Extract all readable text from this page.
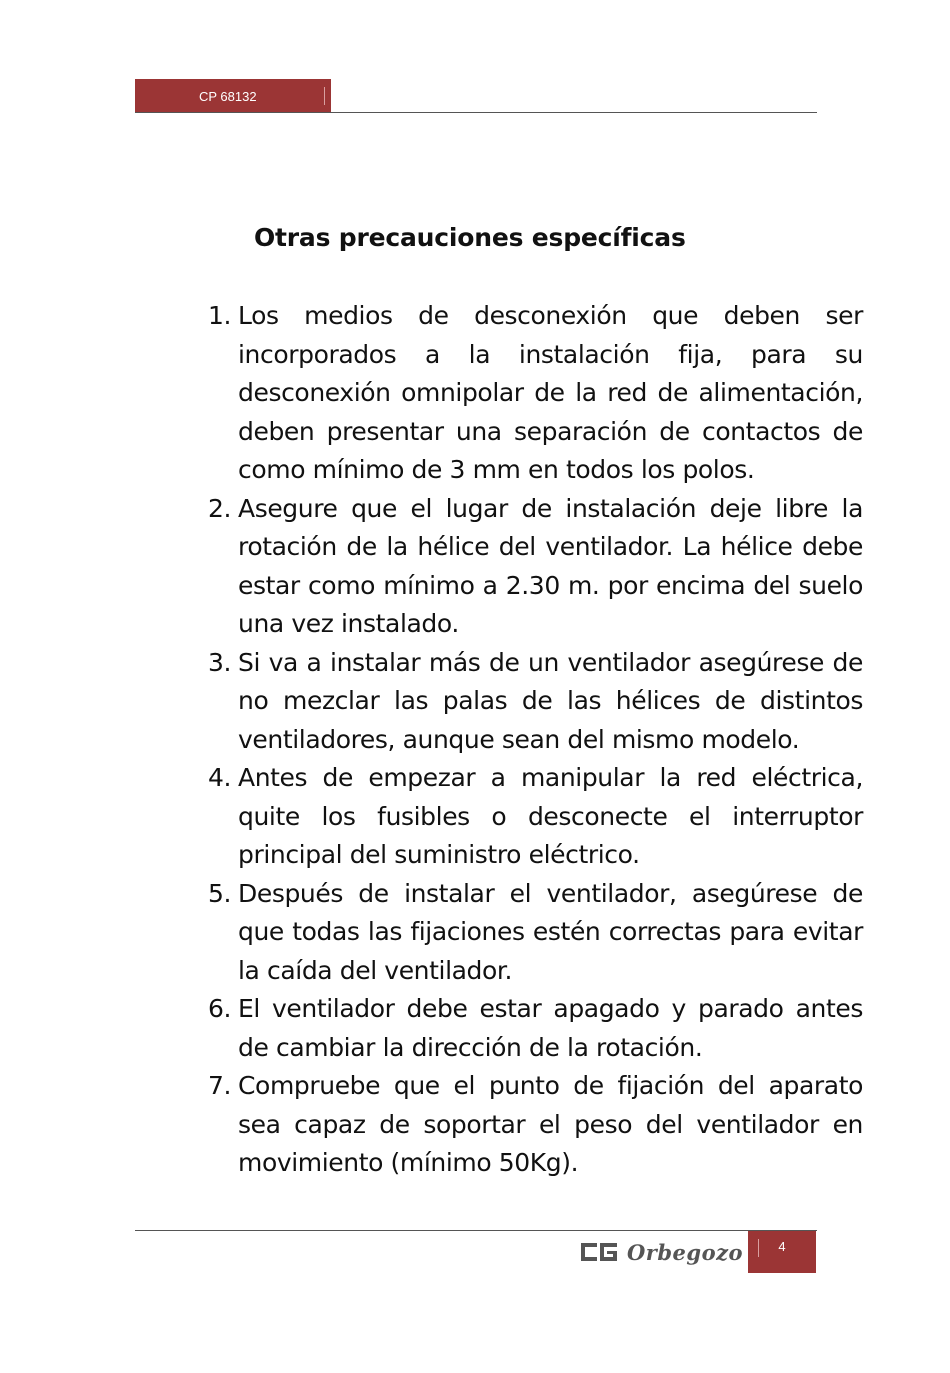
CP 68132
Otras precauciones específicas
1. Los medios de desconexión que deben ser incorporados a la instalación fija, para su desconexión omnipolar de la red de alimentación, deben presentar una separación de contactos de como mínimo de 3 mm en todos los polos.
2. Asegure que el lugar de instalación deje libre la rotación de la hélice del ventilador. La hélice debe estar como mínimo a 2.30 m. por encima del suelo una vez instalado.
3. Si va a instalar más de un ventilador asegúrese de no mezclar las palas de las hélices de distintos ventiladores, aunque sean del mismo modelo.
4. Antes de empezar a manipular la red eléctrica, quite los fusibles o desconecte el interruptor principal del suministro eléctrico.
5. Después de instalar el ventilador, asegúrese de que todas las fijaciones estén correctas para evitar la caída del ventilador.
6. El ventilador debe estar apagado y parado antes de cambiar la dirección de la rotación.
7. Compruebe que el punto de fijación del aparato sea capaz de soportar el peso del ventilador en movimiento (mínimo 50Kg).
Orbegozo	4
